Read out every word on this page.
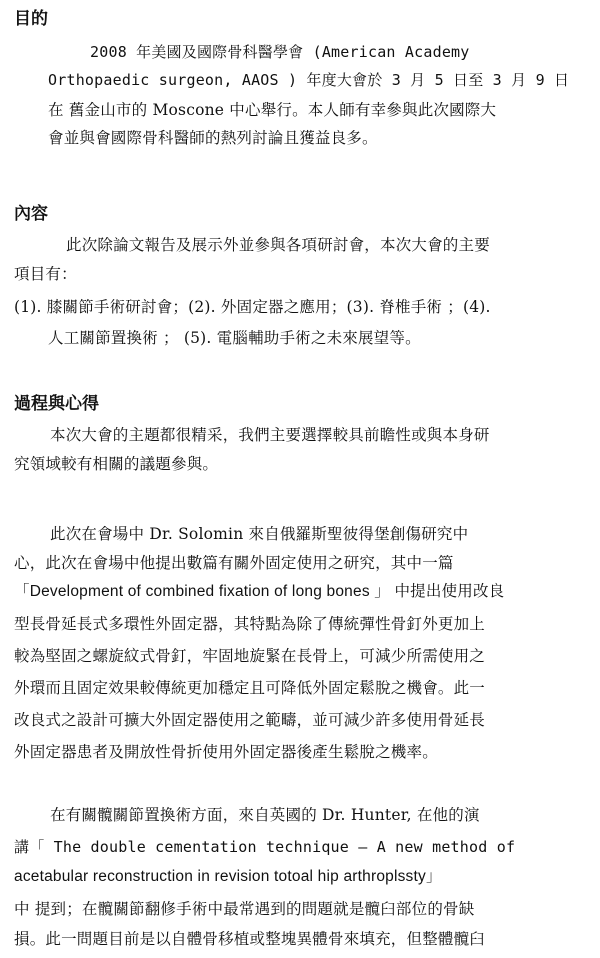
目的
2008 年美國及國際骨科醫學會 (American Academy
Orthopaedic surgeon, AAOS ) 年度大會於 3 月 5 日至 3 月 9 日
在 舊金山市的 Moscone 中心舉行。本人師有幸參與此次國際大
會並與會國際骨科醫師的熱列討論且獲益良多。
內容
此次除論文報告及展示外並參與各項研討會，本次大會的主要
項目有：
(1). 膝關節手術研討會；(2). 外固定器之應用；(3). 脊椎手術 ；(4).
人工關節置換術 ； (5). 電腦輔助手術之未來展望等。
過程與心得
本次大會的主題都很精采，我們主要選擇較具前瞻性或與本身研
究領域較有相關的議題參與。
此次在會場中 Dr. Solomin 來自俄羅斯聖彼得堡創傷研究中
心，此次在會場中他提出數篇有關外固定使用之研究，其中一篇
「Development of combined fixation of long bones 」 中提出使用改良
型長骨延長式多環性外固定器，其特點為除了傳統彈性骨釘外更加上
較為堅固之螺旋紋式骨釘，牢固地旋緊在長骨上，可減少所需使用之
外環而且固定效果較傳統更加穩定且可降低外固定鬆脫之機會。此一
改良式之設計可擴大外固定器使用之範疇，並可減少許多使用骨延長
外固定器患者及開放性骨折使用外固定器後產生鬆脫之機率。
在有關髖關節置換術方面，來自英國的 Dr. Hunter, 在他的演
講「 The double cementation technique — A new method of
acetabular reconstruction in revision totoal hip arthroplssty」
中 提到；在髖關節翻修手術中最常遇到的問題就是髖臼部位的骨缺
損。此一問題目前是以自體骨移植或整塊異體骨來填充，但整體髖臼
